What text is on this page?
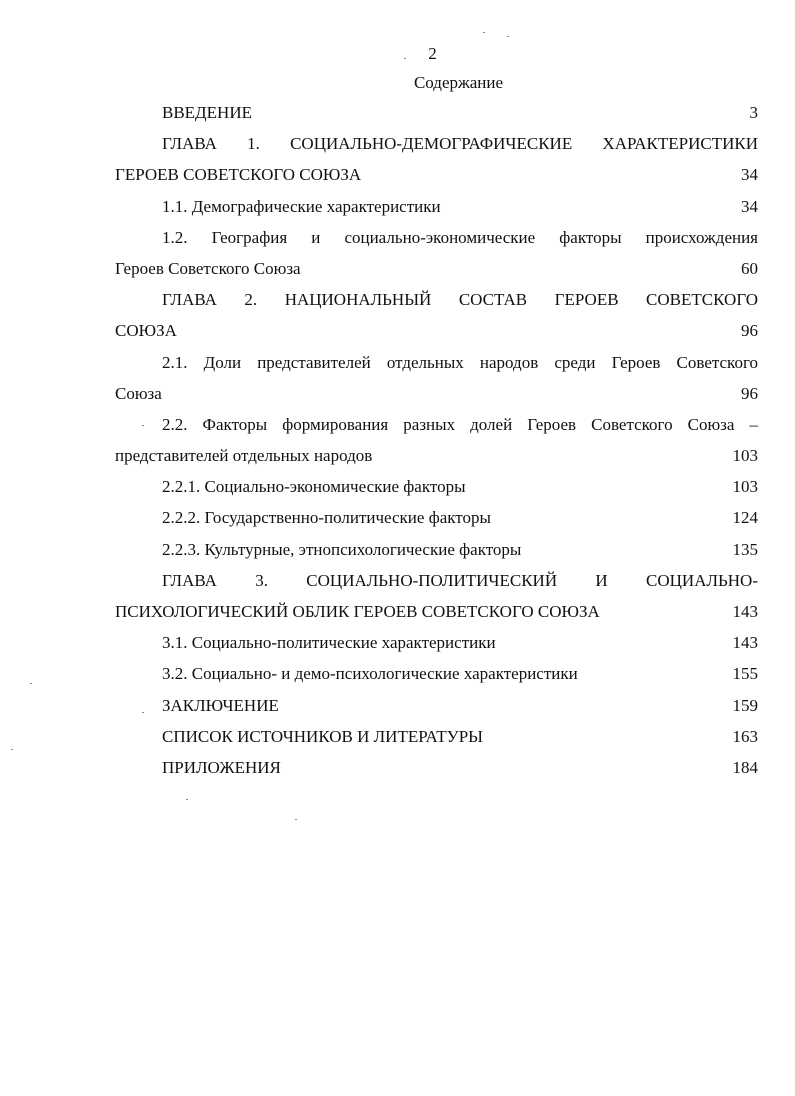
2
Содержание
ВВЕДЕНИЕ	3
ГЛАВА 1. СОЦИАЛЬНО-ДЕМОГРАФИЧЕСКИЕ ХАРАКТЕРИСТИКИ
ГЕРОЕВ СОВЕТСКОГО СОЮЗА	34
1.1. Демографические характеристики	34
1.2. География и социально-экономические факторы происхождения
Героев Советского Союза	60
ГЛАВА 2. НАЦИОНАЛЬНЫЙ СОСТАВ ГЕРОЕВ СОВЕТСКОГО
СОЮЗА	96
2.1. Доли представителей отдельных народов среди Героев Советского
Союза	96
2.2. Факторы формирования разных долей Героев Советского Союза –
представителей отдельных народов	103
2.2.1. Социально-экономические факторы	103
2.2.2. Государственно-политические факторы	124
2.2.3. Культурные, этнопсихологические факторы	135
ГЛАВА 3. СОЦИАЛЬНО-ПОЛИТИЧЕСКИЙ И СОЦИАЛЬНО-
ПСИХОЛОГИЧЕСКИЙ ОБЛИК ГЕРОЕВ СОВЕТСКОГО СОЮЗА	143
3.1. Социально-политические характеристики	143
3.2. Социально- и демо-психологические характеристики	155
ЗАКЛЮЧЕНИЕ	159
СПИСОК ИСТОЧНИКОВ И ЛИТЕРАТУРЫ	163
ПРИЛОЖЕНИЯ	184
